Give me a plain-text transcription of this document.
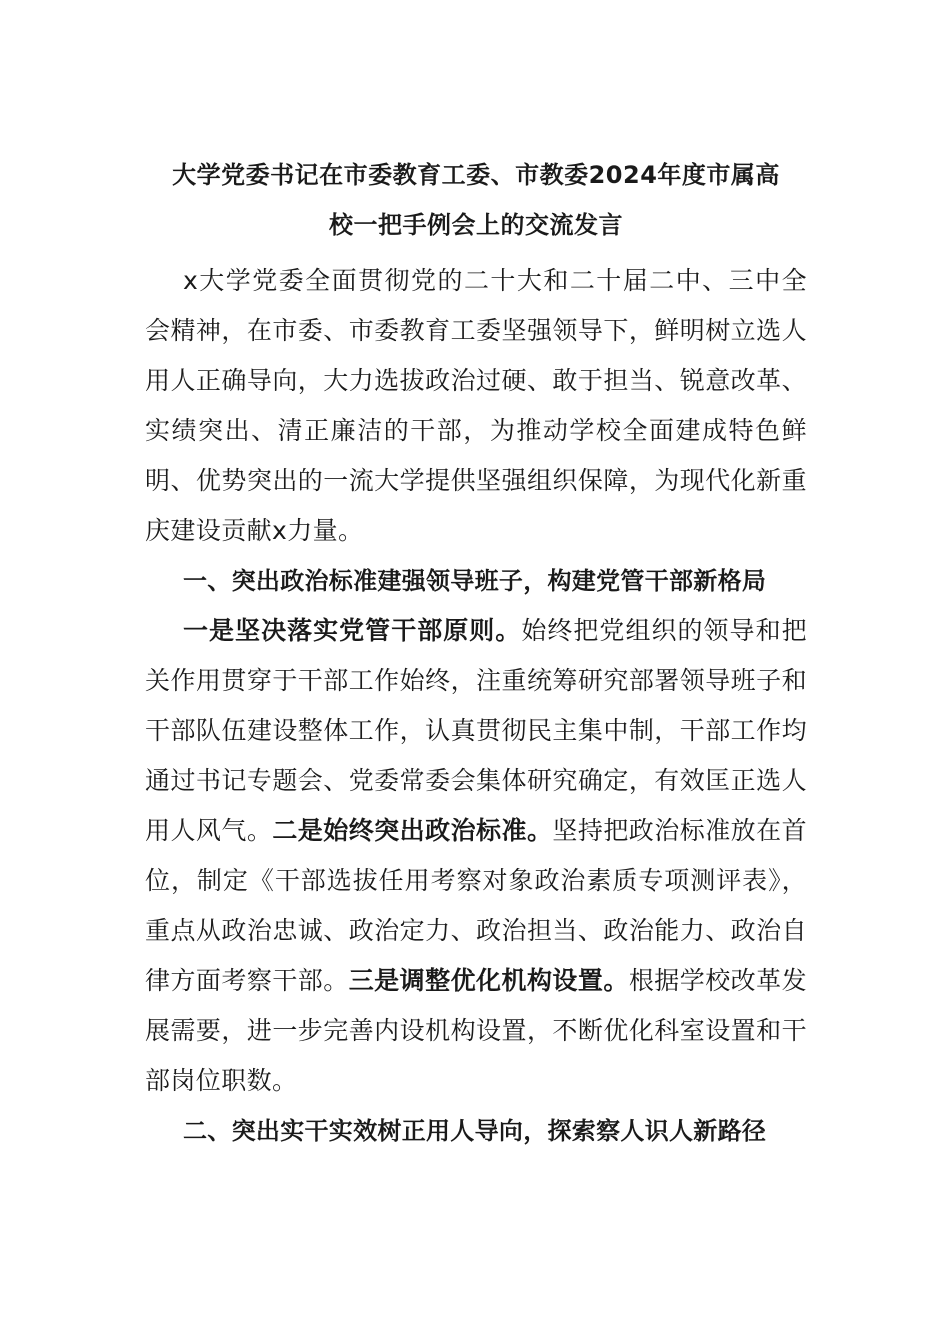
大学党委书记在市委教育工委、市教委2024年度市属高
校一把手例会上的交流发言

x大学党委全面贯彻党的二十大和二十届二中、三中全会精神，在市委、市委教育工委坚强领导下，鲜明树立选人用人正确导向，大力选拔政治过硬、敢于担当、锐意改革、实绩突出、清正廉洁的干部，为推动学校全面建成特色鲜明、优势突出的一流大学提供坚强组织保障，为现代化新重庆建设贡献x力量。

一、突出政治标准建强领导班子，构建党管干部新格局

一是坚决落实党管干部原则。始终把党组织的领导和把关作用贯穿于干部工作始终，注重统筹研究部署领导班子和干部队伍建设整体工作，认真贯彻民主集中制，干部工作均通过书记专题会、党委常委会集体研究确定，有效匡正选人用人风气。二是始终突出政治标准。坚持把政治标准放在首位，制定《干部选拔任用考察对象政治素质专项测评表》，重点从政治忠诚、政治定力、政治担当、政治能力、政治自律方面考察干部。三是调整优化机构设置。根据学校改革发展需要，进一步完善内设机构设置，不断优化科室设置和干部岗位职数。

二、突出实干实效树正用人导向，探索察人识人新路径
